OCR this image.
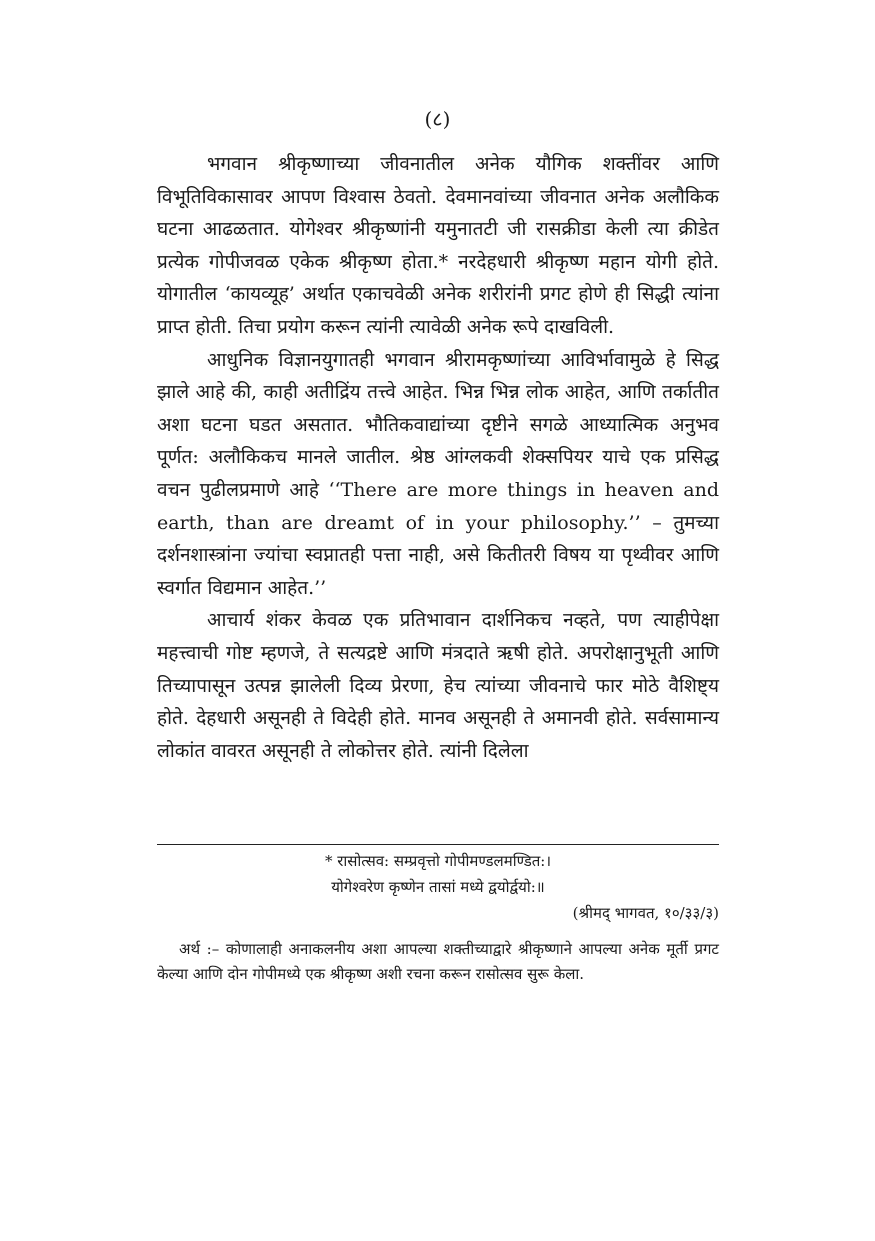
(८)

भगवान श्रीकृष्णाच्या जीवनातील अनेक यौगिक शक्तींवर आणि विभूतिविकासावर आपण विश्वास ठेवतो. देवमानवांच्या जीवनात अनेक अलौकिक घटना आढळतात. योगेश्वर श्रीकृष्णांनी यमुनातटी जी रासक्रीडा केली त्या क्रीडेत प्रत्येक गोपीजवळ एकेक श्रीकृष्ण होता.* नरदेहधारी श्रीकृष्ण महान योगी होते. योगातील ‘कायव्यूह’ अर्थात एकाचवेळी अनेक शरीरांनी प्रगट होणे ही सिद्धी त्यांना प्राप्त होती. तिचा प्रयोग करून त्यांनी त्यावेळी अनेक रूपे दाखविली.

आधुनिक विज्ञानयुगातही भगवान श्रीरामकृष्णांच्या आविर्भावामुळे हे सिद्ध झाले आहे की, काही अतीद्रिंय तत्त्वे आहेत. भिन्न भिन्न लोक आहेत, आणि तर्कातीत अशा घटना घडत असतात. भौतिकवाद्यांच्या दृष्टीने सगळे आध्यात्मिक अनुभव पूर्णत: अलौकिकच मानले जातील. श्रेष्ठ आंग्लकवी शेक्सपियर याचे एक प्रसिद्ध वचन पुढीलप्रमाणे आहे ‘‘There are more things in heaven and earth, than are dreamt of in your philosophy.’’ – तुमच्या दर्शनशास्त्रांना ज्यांचा स्वप्नातही पत्ता नाही, असे कितीतरी विषय या पृथ्वीवर आणि स्वर्गात विद्यमान आहेत.’’

आचार्य शंकर केवळ एक प्रतिभावान दार्शनिकच नव्हते, पण त्याहीपेक्षा महत्त्वाची गोष्ट म्हणजे, ते सत्यद्रष्टे आणि मंत्रदाते ऋषी होते. अपरोक्षानुभूती आणि तिच्यापासून उत्पन्न झालेली दिव्य प्रेरणा, हेच त्यांच्या जीवनाचे फार मोठे वैशिष्ट्य होते. देहधारी असूनही ते विदेही होते. मानव असूनही ते अमानवी होते. सर्वसामान्य लोकांत वावरत असूनही ते लोकोत्तर होते. त्यांनी दिलेला

* रासोत्सव: सम्प्रवृत्तो गोपीमण्डलमण्डित:।
योगेश्वरेण कृष्णेन तासां मध्ये द्वयोर्द्वयो:॥
(श्रीमद् भागवत, १०/३३/३)
अर्थ :– कोणालाही अनाकलनीय अशा आपल्या शक्तीच्याद्वारे श्रीकृष्णाने आपल्या अनेक मूर्ती प्रगट केल्या आणि दोन गोपीमध्ये एक श्रीकृष्ण अशी रचना करून रासोत्सव सुरू केला.
